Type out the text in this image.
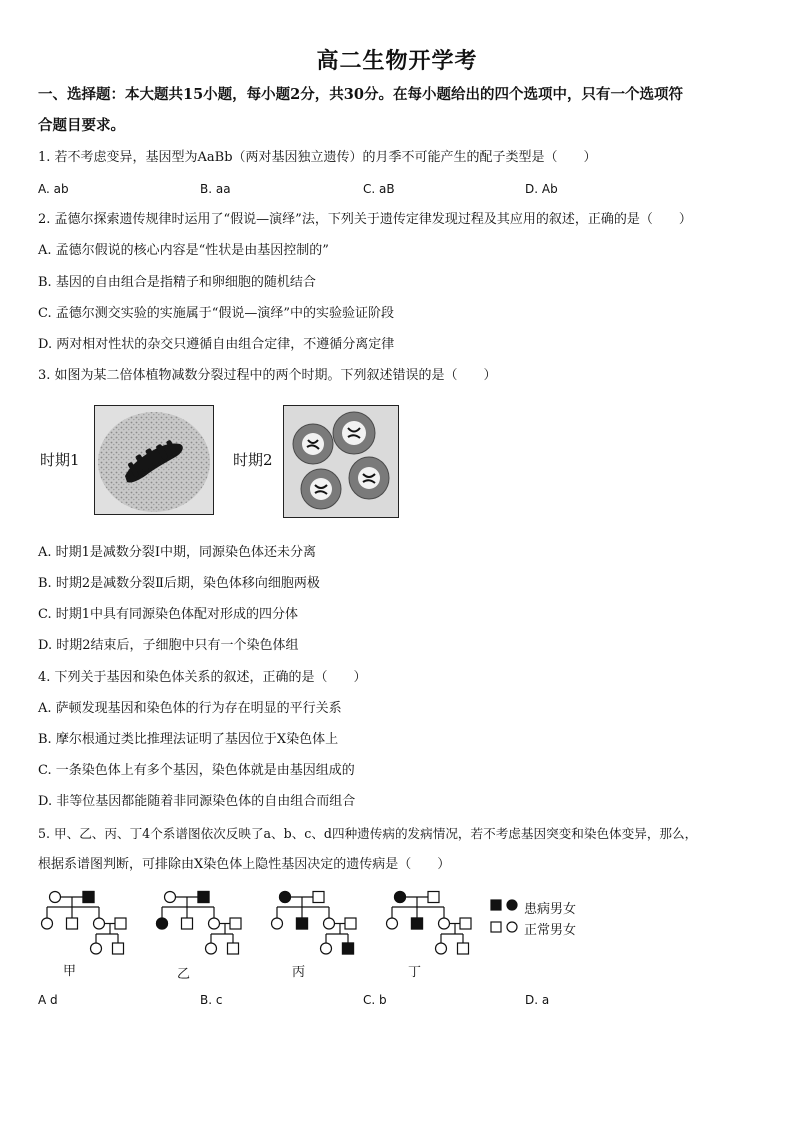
高二生物开学考
一、选择题：本大题共15小题，每小题2分，共30分。在每小题给出的四个选项中，只有一个选项符
合题目要求。
1. 若不考虑变异，基因型为AaBb（两对基因独立遗传）的月季不可能产生的配子类型是（　　）
A. ab	B. aa	C. aB	D. Ab
2. 孟德尔探索遗传规律时运用了“假说—演绎”法，下列关于遗传定律发现过程及其应用的叙述，正确的是（　　）
A. 孟德尔假说的核心内容是“性状是由基因控制的”
B. 基因的自由组合是指精子和卵细胞的随机结合
C. 孟德尔测交实验的实施属于“假说—演绎”中的实验验证阶段
D. 两对相对性状的杂交只遵循自由组合定律，不遵循分离定律
3. 如图为某二倍体植物减数分裂过程中的两个时期。下列叙述错误的是（　　）
时期1	时期2
A. 时期1是减数分裂Ⅰ中期，同源染色体还未分离
B. 时期2是减数分裂Ⅱ后期，染色体移向细胞两极
C. 时期1中具有同源染色体配对形成的四分体
D. 时期2结束后，子细胞中只有一个染色体组
4. 下列关于基因和染色体关系的叙述，正确的是（　　）
A. 萨顿发现基因和染色体的行为存在明显的平行关系
B. 摩尔根通过类比推理法证明了基因位于X染色体上
C. 一条染色体上有多个基因，染色体就是由基因组成的
D. 非等位基因都能随着非同源染色体的自由组合而组合
5. 甲、乙、丙、丁4个系谱图依次反映了a、b、c、d四种遗传病的发病情况，若不考虑基因突变和染色体变异，那么，
根据系谱图判断，可排除由X染色体上隐性基因决定的遗传病是（　　）
甲	乙	丙	丁
患病男女
正常男女
A d	B. c	C. b	D. a
